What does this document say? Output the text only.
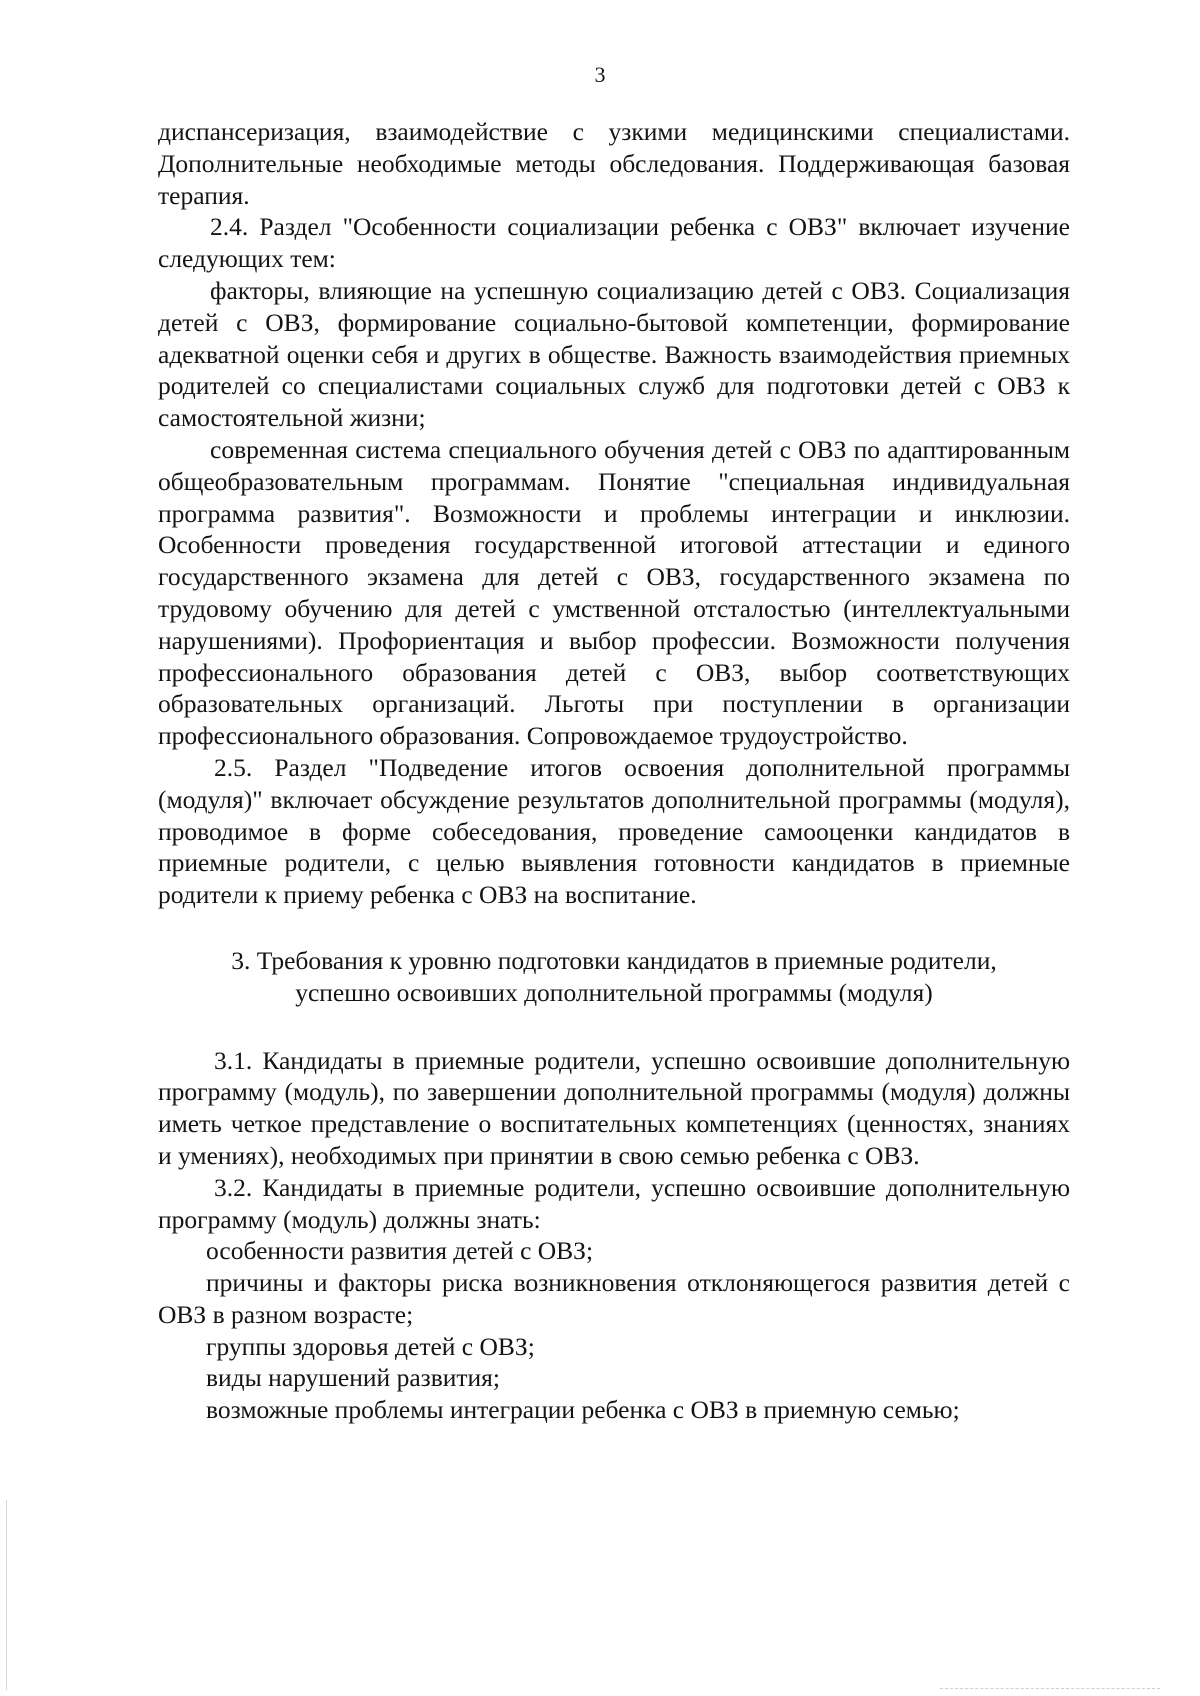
3

диспансеризация, взаимодействие с узкими медицинскими специалистами. Дополнительные необходимые методы обследования. Поддерживающая базовая терапия.

2.4. Раздел "Особенности социализации ребенка с ОВЗ" включает изучение следующих тем:

факторы, влияющие на успешную социализацию детей с ОВЗ. Социализация детей с ОВЗ, формирование социально-бытовой компетенции, формирование адекватной оценки себя и других в обществе. Важность взаимодействия приемных родителей со специалистами социальных служб для подготовки детей с ОВЗ к самостоятельной жизни;

современная система специального обучения детей с ОВЗ по адаптированным общеобразовательным программам. Понятие "специальная индивидуальная программа развития". Возможности и проблемы интеграции и инклюзии. Особенности проведения государственной итоговой аттестации и единого государственного экзамена для детей с ОВЗ, государственного экзамена по трудовому обучению для детей с умственной отсталостью (интеллектуальными нарушениями). Профориентация и выбор профессии. Возможности получения профессионального образования детей с ОВЗ, выбор соответствующих образовательных организаций. Льготы при поступлении в организации профессионального образования. Сопровождаемое трудоустройство.

2.5. Раздел "Подведение итогов освоения дополнительной программы (модуля)" включает обсуждение результатов дополнительной программы (модуля), проводимое в форме собеседования, проведение самооценки кандидатов в приемные родители, с целью выявления готовности кандидатов в приемные родители к приему ребенка с ОВЗ на воспитание.

3. Требования к уровню подготовки кандидатов в приемные родители, успешно освоивших дополнительной программы (модуля)

3.1. Кандидаты в приемные родители, успешно освоившие дополнительную программу (модуль), по завершении дополнительной программы (модуля) должны иметь четкое представление о воспитательных компетенциях (ценностях, знаниях и умениях), необходимых при принятии в свою семью ребенка с ОВЗ.

3.2. Кандидаты в приемные родители, успешно освоившие дополнительную программу (модуль) должны знать:

особенности развития детей с ОВЗ;

причины и факторы риска возникновения отклоняющегося развития детей с ОВЗ в разном возрасте;

группы здоровья детей с ОВЗ;

виды нарушений развития;

возможные проблемы интеграции ребенка с ОВЗ в приемную семью;
